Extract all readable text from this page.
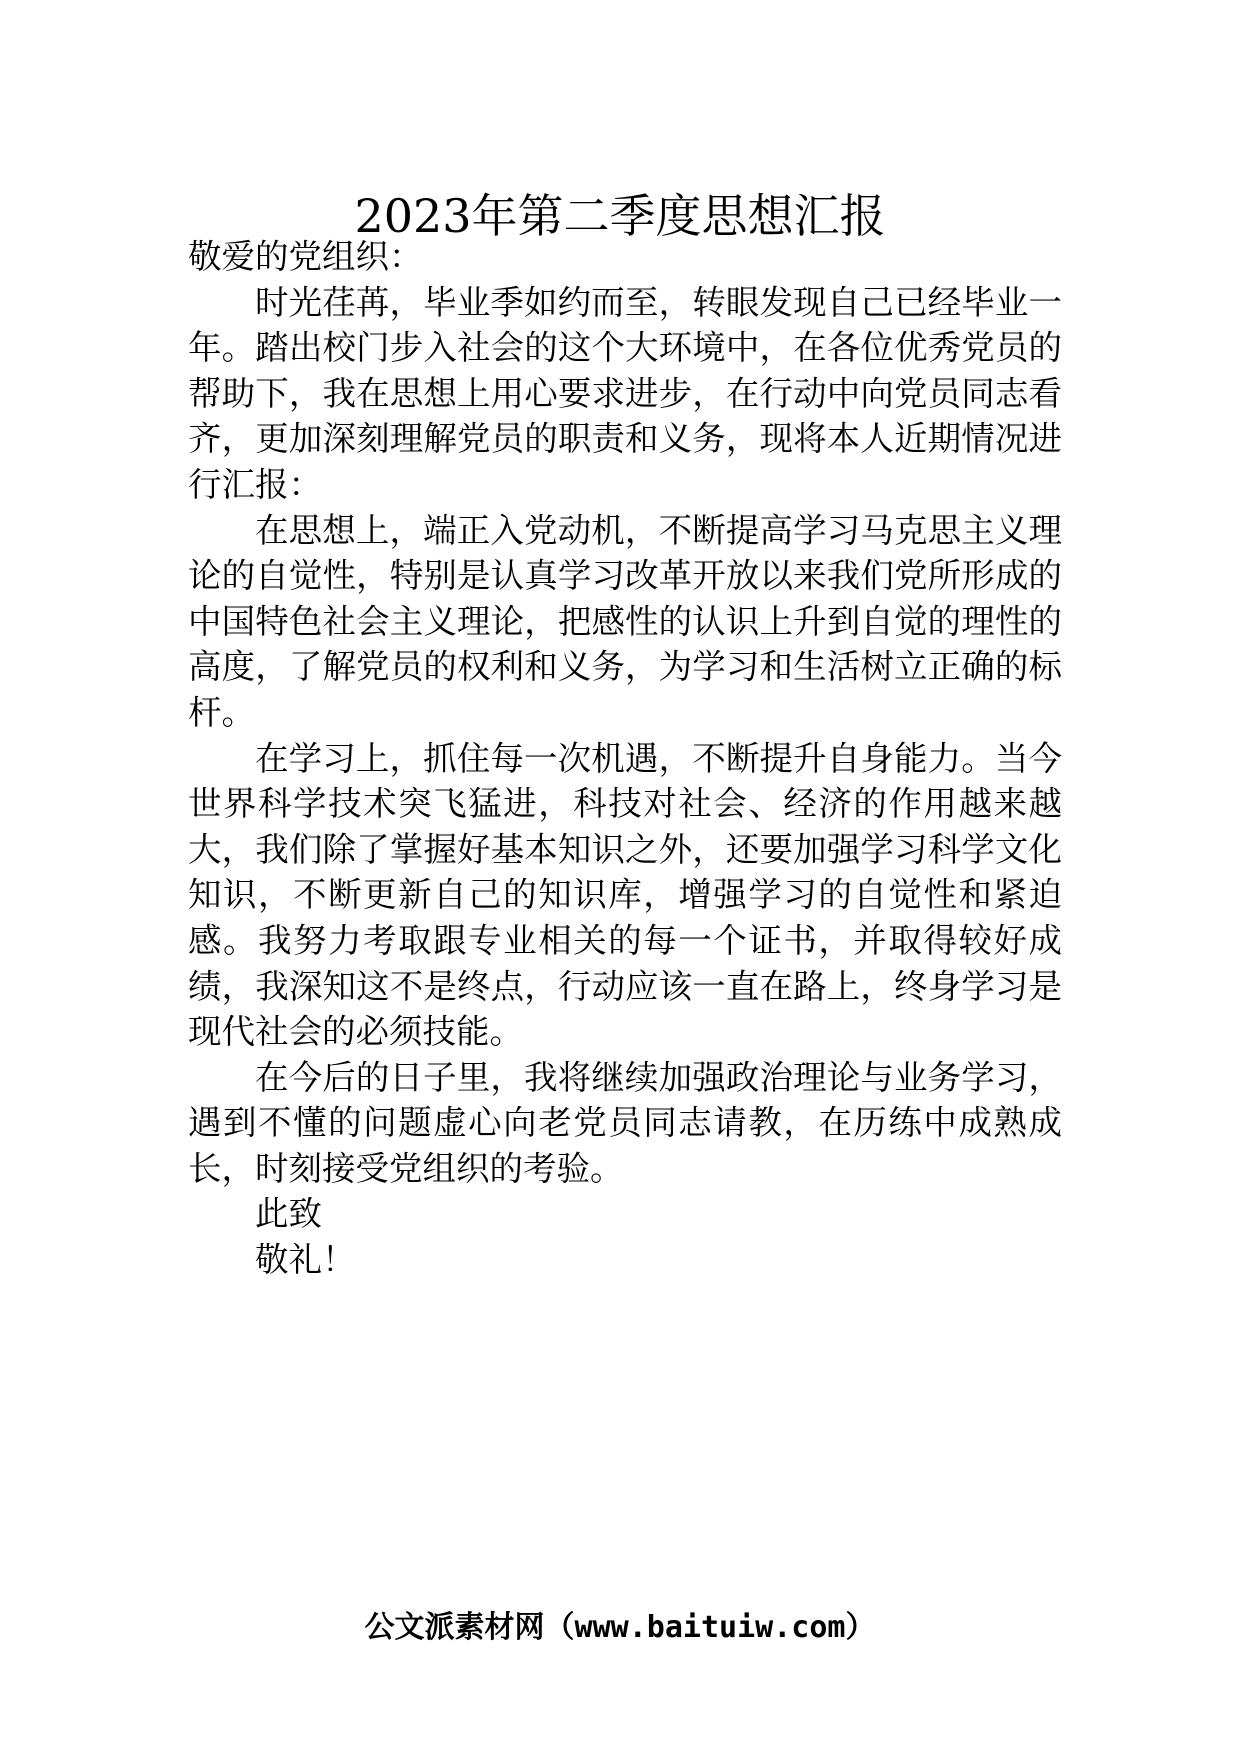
2023年第二季度思想汇报

敬爱的党组织：

时光荏苒，毕业季如约而至，转眼发现自己已经毕业一年。踏出校门步入社会的这个大环境中，在各位优秀党员的帮助下，我在思想上用心要求进步，在行动中向党员同志看齐，更加深刻理解党员的职责和义务，现将本人近期情况进行汇报：

在思想上，端正入党动机，不断提高学习马克思主义理论的自觉性，特别是认真学习改革开放以来我们党所形成的中国特色社会主义理论，把感性的认识上升到自觉的理性的高度，了解党员的权利和义务，为学习和生活树立正确的标杆。

在学习上，抓住每一次机遇，不断提升自身能力。当今世界科学技术突飞猛进，科技对社会、经济的作用越来越大，我们除了掌握好基本知识之外，还要加强学习科学文化知识，不断更新自己的知识库，增强学习的自觉性和紧迫感。我努力考取跟专业相关的每一个证书，并取得较好成绩，我深知这不是终点，行动应该一直在路上，终身学习是现代社会的必须技能。

在今后的日子里，我将继续加强政治理论与业务学习，遇到不懂的问题虚心向老党员同志请教，在历练中成熟成长，时刻接受党组织的考验。

此致

敬礼！

公文派素材网（www.baituiw.com）
